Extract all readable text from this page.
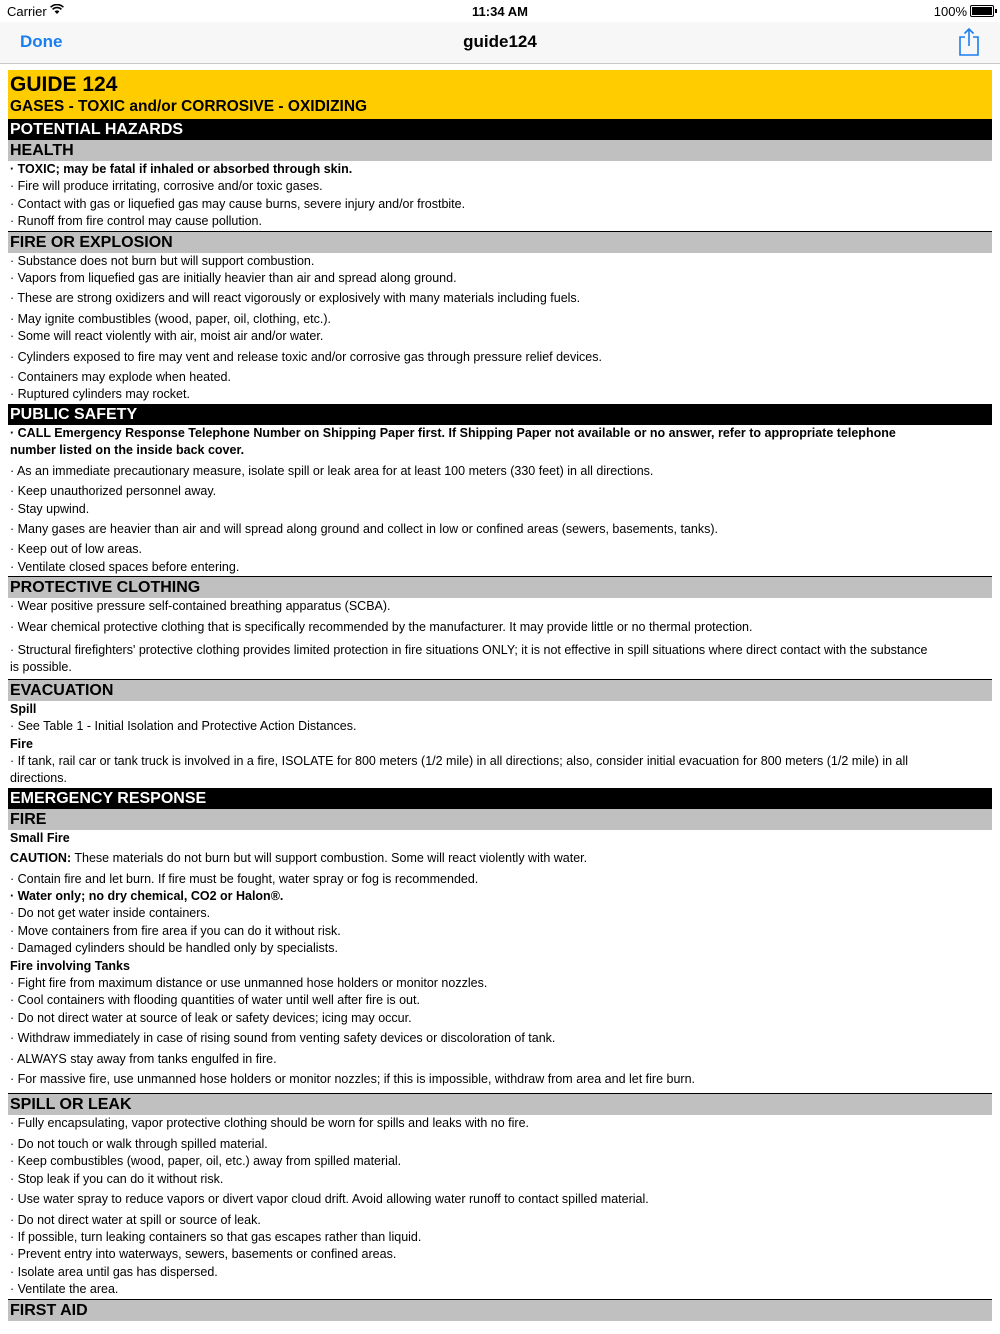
Carrier	11:34 AM	100%
Done	guide124
GUIDE 124
GASES - TOXIC and/or CORROSIVE - OXIDIZING
POTENTIAL HAZARDS
HEALTH
· TOXIC; may be fatal if inhaled or absorbed through skin.
· Fire will produce irritating, corrosive and/or toxic gases.
· Contact with gas or liquefied gas may cause burns, severe injury and/or frostbite.
· Runoff from fire control may cause pollution.
FIRE OR EXPLOSION
· Substance does not burn but will support combustion.
· Vapors from liquefied gas are initially heavier than air and spread along ground.
· These are strong oxidizers and will react vigorously or explosively with many materials including fuels.
· May ignite combustibles (wood, paper, oil, clothing, etc.).
· Some will react violently with air, moist air and/or water.
· Cylinders exposed to fire may vent and release toxic and/or corrosive gas through pressure relief devices.
· Containers may explode when heated.
· Ruptured cylinders may rocket.
PUBLIC SAFETY
· CALL Emergency Response Telephone Number on Shipping Paper first. If Shipping Paper not available or no answer, refer to appropriate telephone
number listed on the inside back cover.
· As an immediate precautionary measure, isolate spill or leak area for at least 100 meters (330 feet) in all directions.
· Keep unauthorized personnel away.
· Stay upwind.
· Many gases are heavier than air and will spread along ground and collect in low or confined areas (sewers, basements, tanks).
· Keep out of low areas.
· Ventilate closed spaces before entering.
PROTECTIVE CLOTHING
· Wear positive pressure self-contained breathing apparatus (SCBA).
· Wear chemical protective clothing that is specifically recommended by the manufacturer. It may provide little or no thermal protection.
· Structural firefighters' protective clothing provides limited protection in fire situations ONLY; it is not effective in spill situations where direct contact with the substance
is possible.
EVACUATION
Spill
· See Table 1 - Initial Isolation and Protective Action Distances.
Fire
· If tank, rail car or tank truck is involved in a fire, ISOLATE for 800 meters (1/2 mile) in all directions; also, consider initial evacuation for 800 meters (1/2 mile) in all
directions.
EMERGENCY RESPONSE
FIRE
Small Fire
CAUTION: These materials do not burn but will support combustion. Some will react violently with water.
· Contain fire and let burn. If fire must be fought, water spray or fog is recommended.
· Water only; no dry chemical, CO2 or Halon®.
· Do not get water inside containers.
· Move containers from fire area if you can do it without risk.
· Damaged cylinders should be handled only by specialists.
Fire involving Tanks
· Fight fire from maximum distance or use unmanned hose holders or monitor nozzles.
· Cool containers with flooding quantities of water until well after fire is out.
· Do not direct water at source of leak or safety devices; icing may occur.
· Withdraw immediately in case of rising sound from venting safety devices or discoloration of tank.
· ALWAYS stay away from tanks engulfed in fire.
· For massive fire, use unmanned hose holders or monitor nozzles; if this is impossible, withdraw from area and let fire burn.
SPILL OR LEAK
· Fully encapsulating, vapor protective clothing should be worn for spills and leaks with no fire.
· Do not touch or walk through spilled material.
· Keep combustibles (wood, paper, oil, etc.) away from spilled material.
· Stop leak if you can do it without risk.
· Use water spray to reduce vapors or divert vapor cloud drift. Avoid allowing water runoff to contact spilled material.
· Do not direct water at spill or source of leak.
· If possible, turn leaking containers so that gas escapes rather than liquid.
· Prevent entry into waterways, sewers, basements or confined areas.
· Isolate area until gas has dispersed.
· Ventilate the area.
FIRST AID
